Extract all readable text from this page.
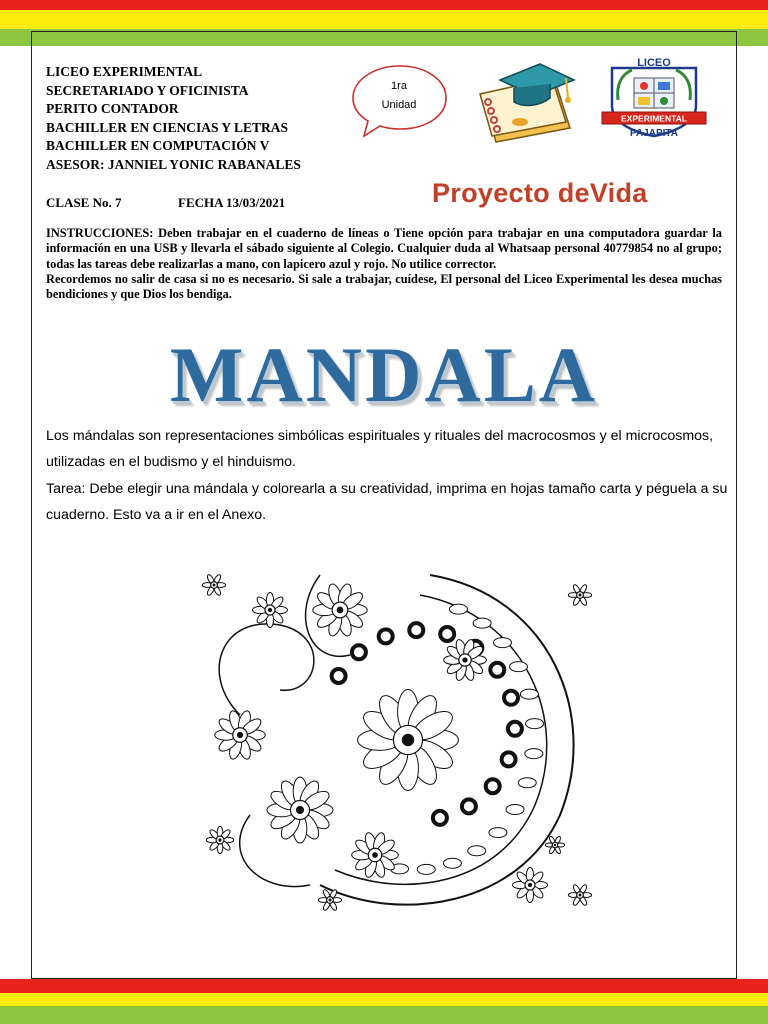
LICEO EXPERIMENTAL
SECRETARIADO Y OFICINISTA
PERITO CONTADOR
BACHILLER EN CIENCIAS Y LETRAS
BACHILLER EN COMPUTACIÓN V
ASESOR: JANNIEL YONIC RABANALES
1ra
Unidad
LICEO
EXPERIMENTAL
PAJAPITA
CLASE No. 7	FECHA 13/03/2021	Proyecto deVida

INSTRUCCIONES: Deben trabajar en el cuaderno de líneas o Tiene opción para trabajar en una computadora guardar la información en una USB y llevarla el sábado siguiente al Colegio. Cualquier duda al Whatsaap personal 40779854 no al grupo; todas las tareas debe realizarlas a mano, con lapicero azul y rojo. No utilice corrector.

Recordemos no salir de casa si no es necesario. Si sale a trabajar, cuídese, El personal del Liceo Experimental les desea muchas bendiciones y que Dios los bendiga.

MANDALA

Los mándalas son representaciones simbólicas espirituales y rituales del macrocosmos y el microcosmos, utilizadas en el budismo y el hinduismo.

Tarea: Debe elegir una mándala y colorearla a su creatividad, imprima en hojas tamaño carta y péguela a su cuaderno. Esto va a ir en el Anexo.
